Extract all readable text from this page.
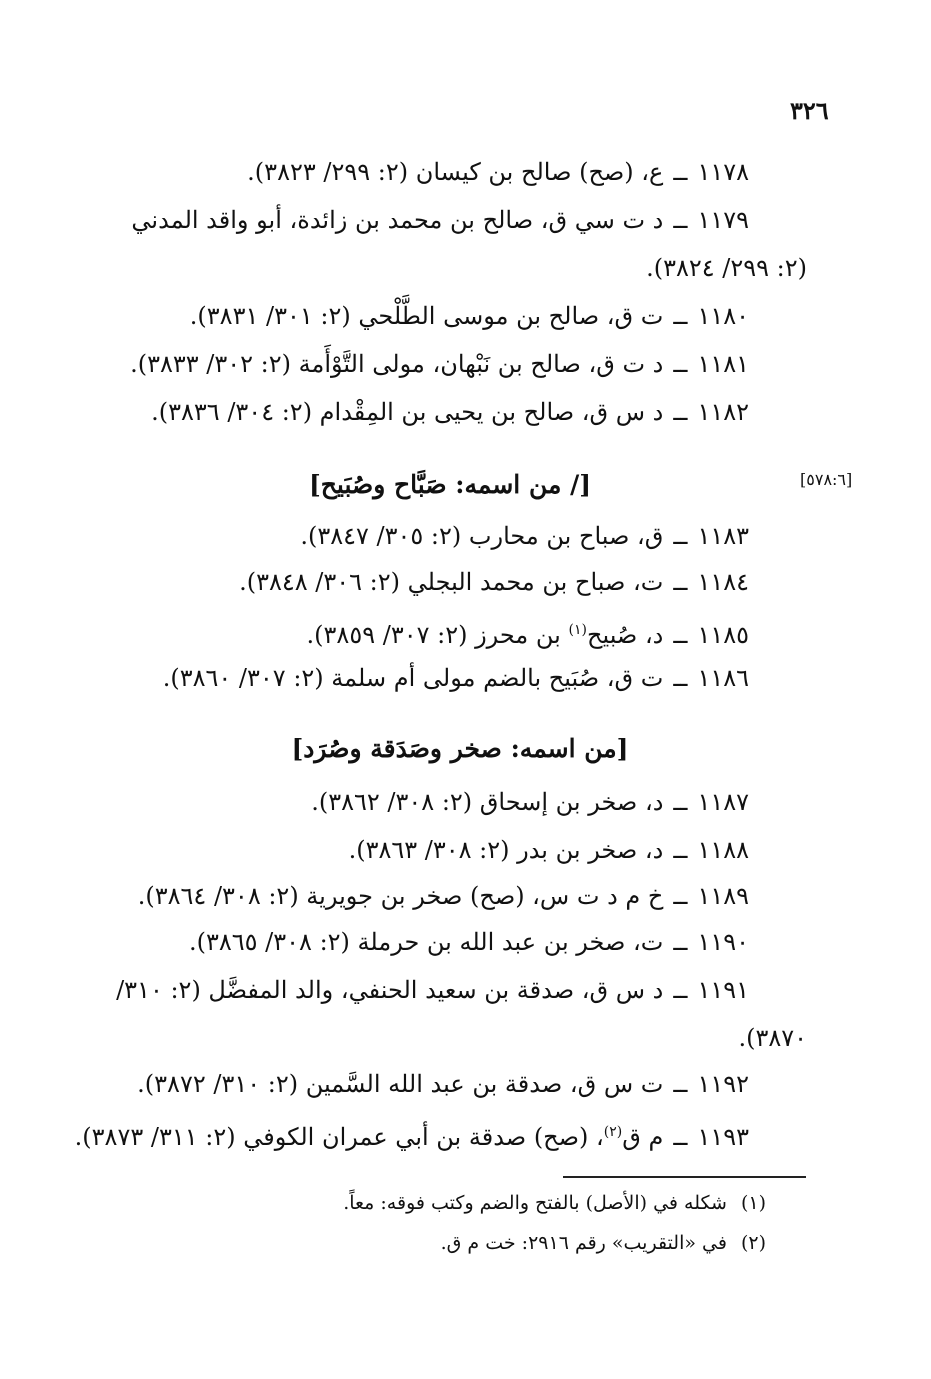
٣٢٦
١١٧٨ــع، (صح) صالح بن كيسان (٢: ٢٩٩/ ٣٨٢٣).
١١٧٩ــد ت سي ق، صالح بن محمد بن زائدة، أبو واقد المدني
(٢: ٢٩٩/ ٣٨٢٤).
١١٨٠ــت ق، صالح بن موسى الطَّلْحي (٢: ٣٠١/ ٣٨٣١).
١١٨١ــد ت ق، صالح بن نَبْهان، مولى التَّوْأَمة (٢: ٣٠٢/ ٣٨٣٣).
١١٨٢ــد س ق، صالح بن يحيى بن المِقْدام (٢: ٣٠٤/ ٣٨٣٦).
[/ من اسمه: صَبَّاح وصُبَيح]	[٥٧٨:٦]
١١٨٣ــق، صباح بن محارب (٢: ٣٠٥/ ٣٨٤٧).
١١٨٤ــت، صباح بن محمد البجلي (٢: ٣٠٦/ ٣٨٤٨).
١١٨٥ــد، صُبيح$^{(١)}$ بن محرز (٢: ٣٠٧/ ٣٨٥٩).
١١٨٦ــت ق، صُبَيح بالضم مولى أم سلمة (٢: ٣٠٧/ ٣٨٦٠).
[من اسمه: صخر وصَدَقة وصُرَد]
١١٨٧ــد، صخر بن إسحاق (٢: ٣٠٨/ ٣٨٦٢).
١١٨٨ــد، صخر بن بدر (٢: ٣٠٨/ ٣٨٦٣).
١١٨٩ــخ م د ت س، (صح) صخر بن جويرية (٢: ٣٠٨/ ٣٨٦٤).
١١٩٠ــت، صخر بن عبد الله بن حرملة (٢: ٣٠٨/ ٣٨٦٥).
١١٩١ــد س ق، صدقة بن سعيد الحنفي، والد المفضَّل (٢: ٣١٠/
٣٨٧٠).
١١٩٢ــت س ق، صدقة بن عبد الله السَّمين (٢: ٣١٠/ ٣٨٧٢).
١١٩٣ــم ق$^{(٢)}$، (صح) صدقة بن أبي عمران الكوفي (٢: ٣١١/ ٣٨٧٣).
(١)شكله في (الأصل) بالفتح والضم وكتب فوقه: معاً.
(٢)في «التقريب» رقم ٢٩١٦: خت م ق.
